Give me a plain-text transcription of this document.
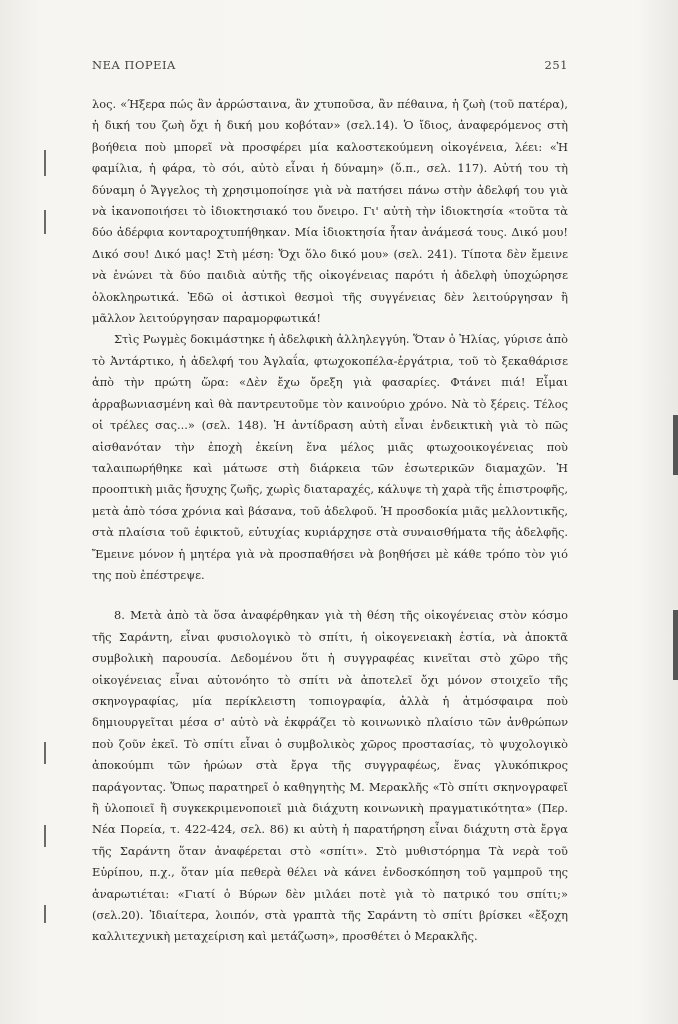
ΝΕΑ ΠΟΡΕΙΑ	251

λος. «Ήξερα πώς ἂν ἀρρώσταινα, ἂν χτυποῦσα, ἂν πέθαινα, ἡ ζωὴ (τοῦ πατέρα), ἡ δική του ζωὴ ὄχι ἡ δική μου κοβόταν» (σελ.14). Ὁ ἴδιος, ἀναφερόμενος στὴ βοήθεια ποὺ μπορεῖ νὰ προσφέρει μία καλοστεκούμενη οἰκογένεια, λέει: «Ἡ φαμίλια, ἡ φάρα, τὸ σόι, αὐτὸ εἶναι ἡ δύναμη» (ὅ.π., σελ. 117). Αὐτή του τὴ δύναμη ὁ Ἄγγελος τὴ χρησιμοποίησε γιὰ νὰ πατήσει πάνω στὴν ἀδελφή του γιὰ νὰ ἱκανοποιήσει τὸ ἰδιοκτησιακό του ὄνειρο. Γι' αὐτὴ τὴν ἰδιοκτησία «τοῦτα τὰ δύο ἀδέρφια κονταροχτυπήθηκαν. Μία ἰδιοκτησία ἦταν ἀνάμεσά τους. Δικό μου! Δικό σου! Δικό μας! Στὴ μέση: Ὄχι ὅλο δικό μου» (σελ. 241). Τίποτα δὲν ἔμεινε νὰ ἑνώνει τὰ δύο παιδιὰ αὐτῆς τῆς οἰκογένειας παρότι ἡ ἀδελφὴ ὑποχώρησε ὁλοκληρωτικά. Ἐδῶ οἱ ἀστικοὶ θεσμοὶ τῆς συγγένειας δὲν λειτούργησαν ἢ μᾶλλον λειτούργησαν παραμορφωτικά!

Στὶς Ρωγμὲς δοκιμάστηκε ἡ ἀδελφικὴ ἀλληλεγγύη. Ὅταν ὁ Ἠλίας, γύρισε ἀπὸ τὸ Ἀντάρτικο, ἡ ἀδελφή του Ἀγλαΐα, φτωχοκοπέλα-ἐργάτρια, τοῦ τὸ ξεκαθάρισε ἀπὸ τὴν πρώτη ὥρα: «Δὲν ἔχω ὄρεξη γιὰ φασαρίες. Φτάνει πιά! Εἶμαι ἀρραβωνιασμένη καὶ θὰ παντρευτοῦμε τὸν καινούριο χρόνο. Νὰ τὸ ξέρεις. Τέλος οἱ τρέλες σας...» (σελ. 148). Ἡ ἀντίδραση αὐτὴ εἶναι ἐνδεικτικὴ γιὰ τὸ πῶς αἰσθανόταν τὴν ἐποχὴ ἐκείνη ἕνα μέλος μιᾶς φτωχοοικογένειας ποὺ ταλαιπωρήθηκε καὶ μάτωσε στὴ διάρκεια τῶν ἐσωτερικῶν διαμαχῶν. Ἡ προοπτικὴ μιᾶς ἥσυχης ζωῆς, χωρὶς διαταραχές, κάλυψε τὴ χαρὰ τῆς ἐπιστροφῆς, μετὰ ἀπὸ τόσα χρόνια καὶ βάσανα, τοῦ ἀδελφοῦ. Ἡ προσδοκία μιᾶς μελλοντικῆς, στὰ πλαίσια τοῦ ἐφικτοῦ, εὐτυχίας κυριάρχησε στὰ συναισθήματα τῆς ἀδελφῆς. Ἔμεινε μόνον ἡ μητέρα γιὰ νὰ προσπαθήσει νὰ βοηθήσει μὲ κάθε τρόπο τὸν γιό της ποὺ ἐπέστρεψε.

8. Μετὰ ἀπὸ τὰ ὅσα ἀναφέρθηκαν γιὰ τὴ θέση τῆς οἰκογένειας στὸν κόσμο τῆς Σαράντη, εἶναι φυσιολογικὸ τὸ σπίτι, ἡ οἰκογενειακὴ ἑστία, νὰ ἀποκτᾶ συμβολικὴ παρουσία. Δεδομένου ὅτι ἡ συγγραφέας κινεῖται στὸ χῶρο τῆς οἰκογένειας εἶναι αὐτονόητο τὸ σπίτι νὰ ἀποτελεῖ ὄχι μόνον στοιχεῖο τῆς σκηνογραφίας, μία περίκλειστη τοπιογραφία, ἀλλὰ ἡ ἀτμόσφαιρα ποὺ δημιουργεῖται μέσα σ' αὐτὸ νὰ ἐκφράζει τὸ κοινωνικὸ πλαίσιο τῶν ἀνθρώπων ποὺ ζοῦν ἐκεῖ. Τὸ σπίτι εἶναι ὁ συμβολικὸς χῶρος προστασίας, τὸ ψυχολογικὸ ἀποκούμπι τῶν ἡρώων στὰ ἔργα τῆς συγγραφέως, ἕνας γλυκόπικρος παράγοντας. Ὅπως παρατηρεῖ ὁ καθηγητὴς Μ. Μερακλῆς «Τὸ σπίτι σκηνογραφεῖ ἢ ὑλοποιεῖ ἢ συγκεκριμενοποιεῖ μιὰ διάχυτη κοινωνικὴ πραγματικότητα» (Περ. Νέα Πορεία, τ. 422-424, σελ. 86) κι αὐτὴ ἡ παρατήρηση εἶναι διάχυτη στὰ ἔργα τῆς Σαράντη ὅταν ἀναφέρεται στὸ «σπίτι». Στὸ μυθιστόρημα Τὰ νερὰ τοῦ Εὐρίπου, π.χ., ὅταν μία πεθερὰ θέλει νὰ κάνει ἐνδοσκόπηση τοῦ γαμπροῦ της ἀναρωτιέται: «Γιατί ὁ Βύρων δὲν μιλάει ποτὲ γιὰ τὸ πατρικό του σπίτι;» (σελ.20). Ἰδιαίτερα, λοιπόν, στὰ γραπτὰ τῆς Σαράντη τὸ σπίτι βρίσκει «ἔξοχη καλλιτεχνικὴ μεταχείριση καὶ μετάζωση», προσθέτει ὁ Μερακλῆς.
